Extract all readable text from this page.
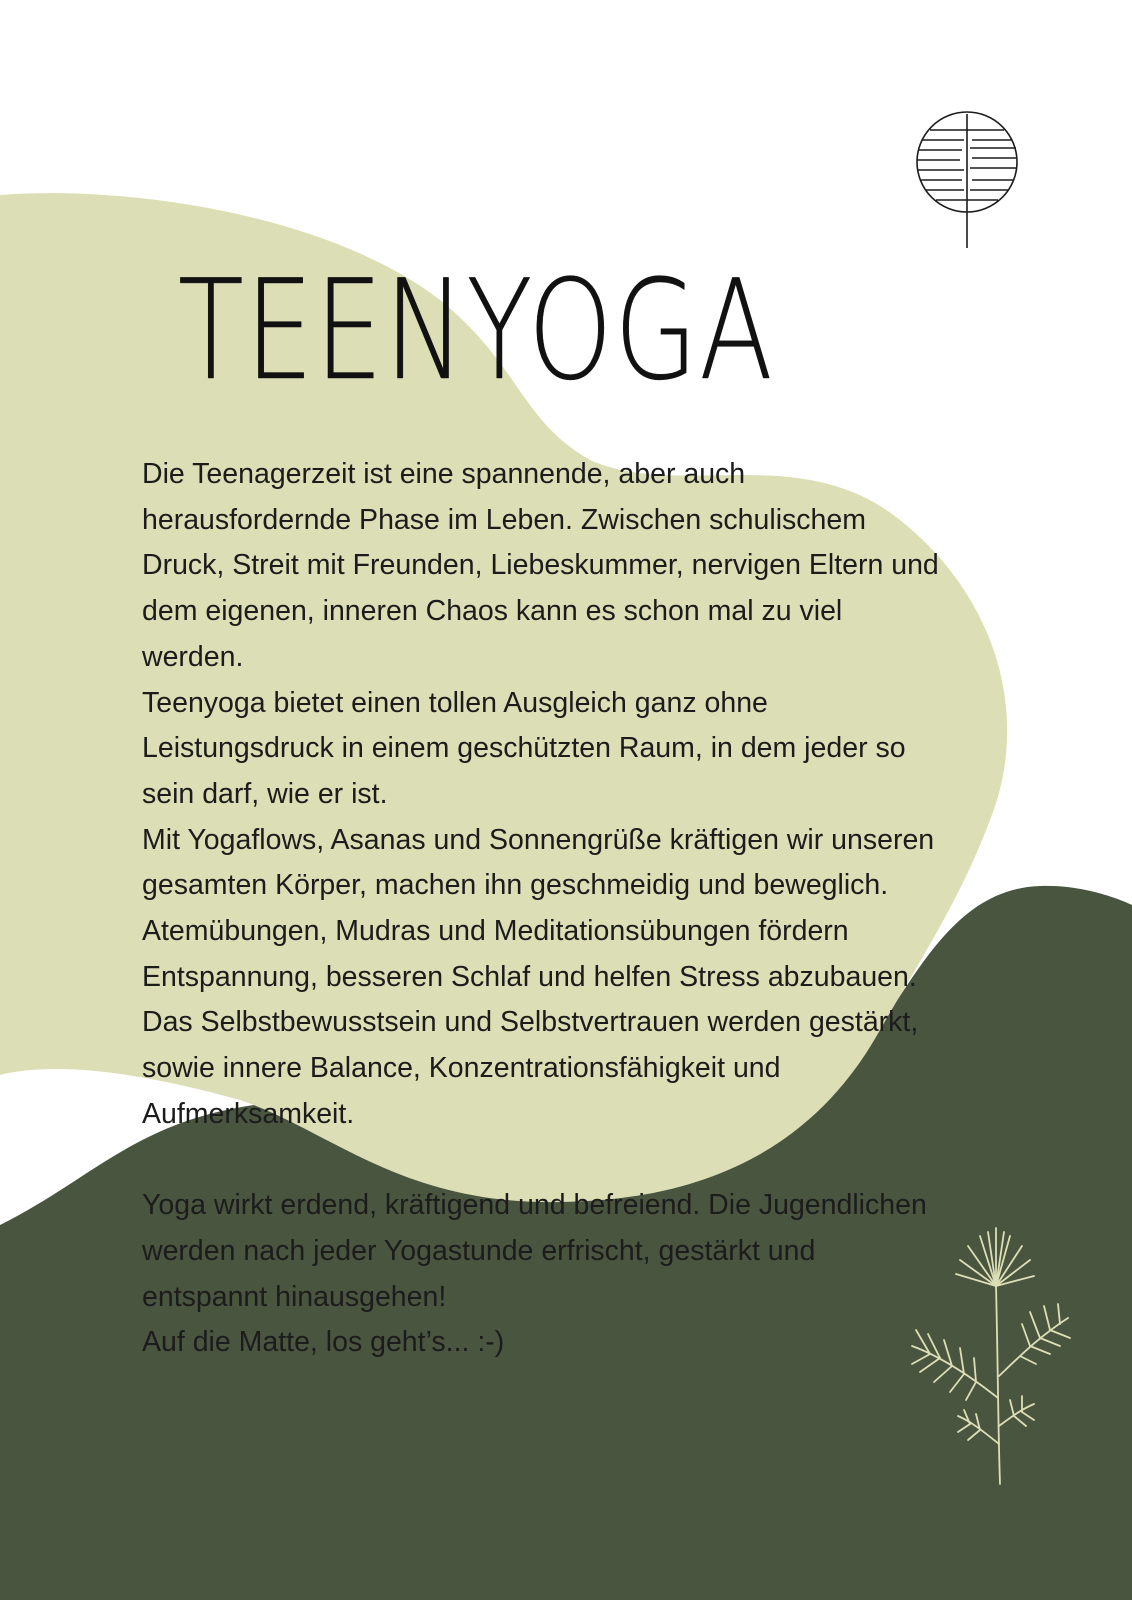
TEENYOGA

Die Teenagerzeit ist eine spannende, aber auch herausfordernde Phase im Leben. Zwischen schulischem Druck, Streit mit Freunden, Liebeskummer, nervigen Eltern und dem eigenen, inneren Chaos kann es schon mal zu viel werden.

Teenyoga bietet einen tollen Ausgleich ganz ohne Leistungsdruck in einem geschützten Raum, in dem jeder so sein darf, wie er ist.

Mit Yogaflows, Asanas und Sonnengrüße kräftigen wir unseren gesamten Körper, machen ihn geschmeidig und beweglich.

Atemübungen, Mudras und Meditationsübungen fördern Entspannung, besseren Schlaf und helfen Stress abzubauen. Das Selbstbewusstsein und Selbstvertrauen werden gestärkt, sowie innere Balance, Konzentrationsfähigkeit und Aufmerksamkeit.

Yoga wirkt erdend, kräftigend und befreiend. Die Jugendlichen werden nach jeder Yogastunde erfrischt, gestärkt und entspannt hinausgehen!

Auf die Matte, los geht’s... :-)
